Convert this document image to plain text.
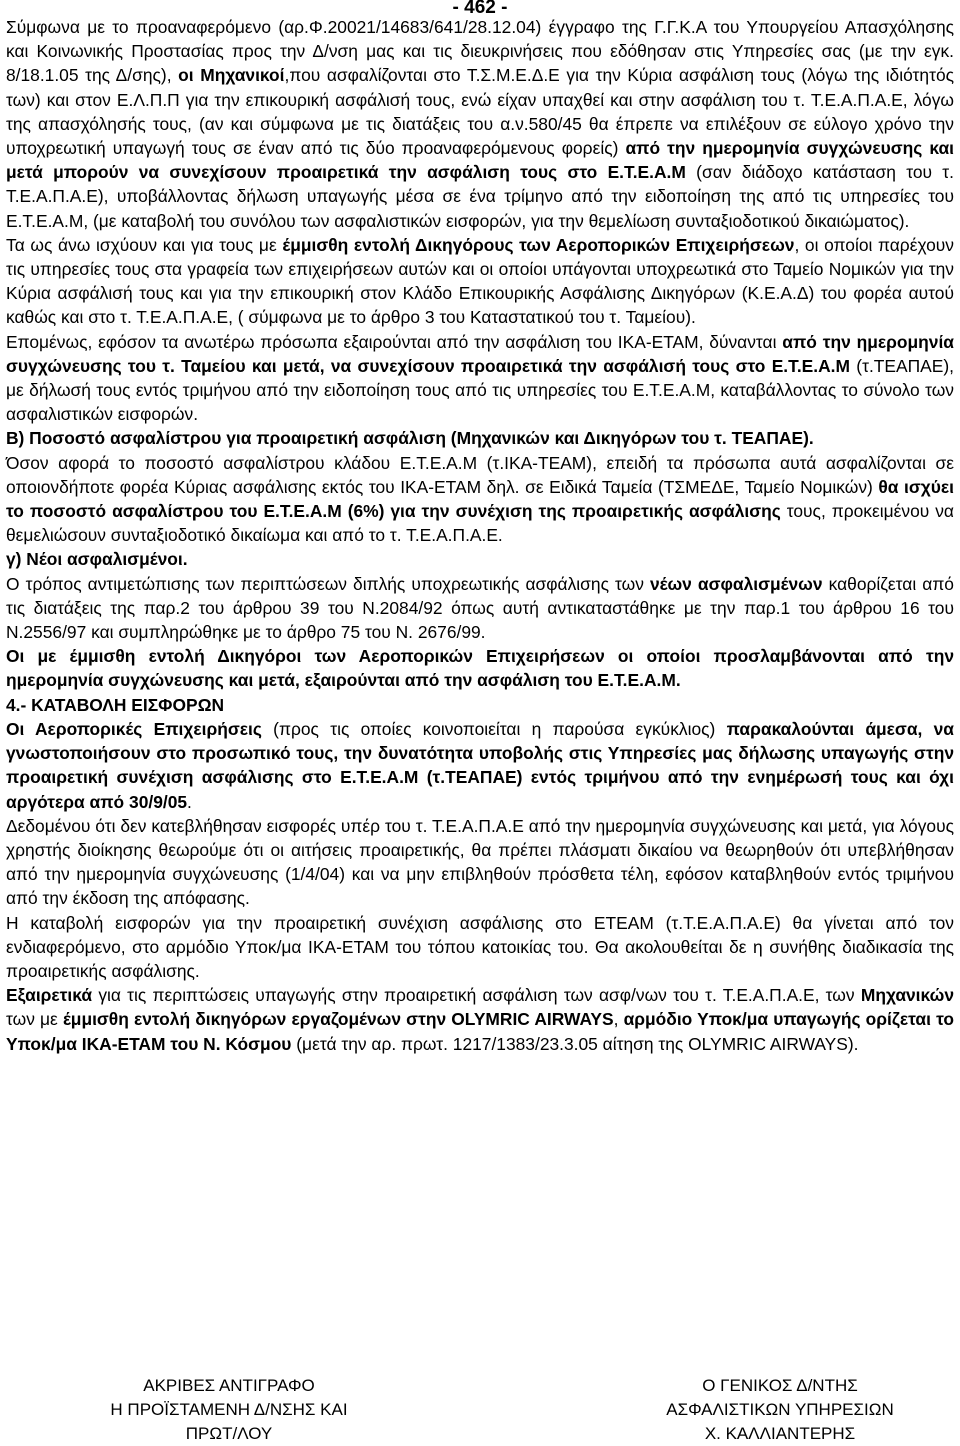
- 462 -

Σύμφωνα με το προαναφερόμενο (αρ.Φ.20021/14683/641/28.12.04) έγγραφο της Γ.Γ.Κ.Α του Υπουργείου Απασχόλησης και Κοινωνικής Προστασίας προς την Δ/νση μας και τις διευκρινήσεις που εδόθησαν στις Υπηρεσίες σας (με την εγκ. 8/18.1.05 της Δ/σης), οι Μηχανικοί,που ασφαλίζονται στο Τ.Σ.Μ.Ε.Δ.Ε για την Κύρια ασφάλιση τους (λόγω της ιδιότητός των) και στον Ε.Λ.Π.Π για την επικουρική ασφάλισή τους, ενώ είχαν υπαχθεί και στην ασφάλιση του τ. Τ.Ε.Α.Π.Α.Ε, λόγω της απασχόλησής τους, (αν και σύμφωνα με τις διατάξεις του α.ν.580/45 θα έπρεπε να επιλέξουν σε εύλογο χρόνο την υποχρεωτική υπαγωγή τους σε έναν από τις δύο προαναφερόμενους φορείς) από την ημερομηνία συγχώνευσης και μετά μπορούν να συνεχίσουν προαιρετικά την ασφάλιση τους στο Ε.Τ.Ε.Α.Μ (σαν διάδοχο κατάσταση του τ. Τ.Ε.Α.Π.Α.Ε), υποβάλλοντας δήλωση υπαγωγής μέσα σε ένα τρίμηνο από την ειδοποίηση της από τις υπηρεσίες του Ε.Τ.Ε.Α.Μ, (με καταβολή του συνόλου των ασφαλιστικών εισφορών, για την θεμελίωση συνταξιοδοτικού δικαιώματος).

Τα ως άνω ισχύουν και για τους με έμμισθη εντολή Δικηγόρους των Αεροπορικών Επιχειρήσεων, οι οποίοι παρέχουν τις υπηρεσίες τους στα γραφεία των επιχειρήσεων αυτών και οι οποίοι υπάγονται υποχρεωτικά στο Ταμείο Νομικών για την Κύρια ασφάλισή τους και για την επικουρική στον Κλάδο Επικουρικής Ασφάλισης Δικηγόρων (Κ.Ε.Α.Δ) του φορέα αυτού καθώς και στο τ. Τ.Ε.Α.Π.Α.Ε, ( σύμφωνα με το άρθρο 3 του Καταστατικού του τ. Ταμείου).

Επομένως, εφόσον τα ανωτέρω πρόσωπα εξαιρούνται από την ασφάλιση του ΙΚΑ-ΕΤΑΜ, δύνανται από την ημερομηνία συγχώνευσης του τ. Ταμείου και μετά, να συνεχίσουν προαιρετικά την ασφάλισή τους στο Ε.Τ.Ε.Α.Μ (τ.ΤΕΑΠΑΕ), με δήλωσή τους εντός τριμήνου από την ειδοποίηση τους από τις υπηρεσίες του Ε.Τ.Ε.Α.Μ, καταβάλλοντας το σύνολο των ασφαλιστικών εισφορών.

Β) Ποσοστό ασφαλίστρου για προαιρετική ασφάλιση (Μηχανικών και Δικηγόρων του τ. ΤΕΑΠΑΕ).

Όσον αφορά το ποσοστό ασφαλίστρου κλάδου Ε.Τ.Ε.Α.Μ (τ.ΙΚΑ-ΤΕΑΜ), επειδή τα πρόσωπα αυτά ασφαλίζονται σε οποιονδήποτε φορέα Κύριας ασφάλισης εκτός του ΙΚΑ-ΕΤΑΜ δηλ. σε Ειδικά Ταμεία (ΤΣΜΕΔΕ, Ταμείο Νομικών) θα ισχύει το ποσοστό ασφαλίστρου του Ε.Τ.Ε.Α.Μ (6%) για την συνέχιση της προαιρετικής ασφάλισης τους, προκειμένου να θεμελιώσουν συνταξιοδοτικό δικαίωμα και από το τ. Τ.Ε.Α.Π.Α.Ε.

γ) Νέοι ασφαλισμένοι.

Ο τρόπος αντιμετώπισης των περιπτώσεων διπλής υποχρεωτικής ασφάλισης των νέων ασφαλισμένων καθορίζεται από τις διατάξεις της παρ.2 του άρθρου 39 του Ν.2084/92 όπως αυτή αντικαταστάθηκε με την παρ.1 του άρθρου 16 του Ν.2556/97 και συμπληρώθηκε με το άρθρο 75 του Ν. 2676/99.

Οι με έμμισθη εντολή Δικηγόροι των Αεροπορικών Επιχειρήσεων οι οποίοι προσλαμβάνονται από την ημερομηνία συγχώνευσης και μετά, εξαιρούνται από την ασφάλιση του Ε.Τ.Ε.Α.Μ.

4.- ΚΑΤΑΒΟΛΗ ΕΙΣΦΟΡΩΝ

Οι Αεροπορικές Επιχειρήσεις (προς τις οποίες κοινοποιείται η παρούσα εγκύκλιος) παρακαλούνται άμεσα, να γνωστοποιήσουν στο προσωπικό τους, την δυνατότητα υποβολής στις Υπηρεσίες μας δήλωσης υπαγωγής στην προαιρετική συνέχιση ασφάλισης στο Ε.Τ.Ε.Α.Μ (τ.ΤΕΑΠΑΕ) εντός τριμήνου από την ενημέρωσή τους και όχι αργότερα από 30/9/05.

Δεδομένου ότι δεν κατεβλήθησαν εισφορές υπέρ του τ. Τ.Ε.Α.Π.Α.Ε από την ημερομηνία συγχώνευσης και μετά, για λόγους χρηστής διοίκησης θεωρούμε ότι οι αιτήσεις προαιρετικής, θα πρέπει πλάσματι δικαίου να θεωρηθούν ότι υπεβλήθησαν από την ημερομηνία συγχώνευσης (1/4/04) και να μην επιβληθούν πρόσθετα τέλη, εφόσον καταβληθούν εντός τριμήνου από την έκδοση της απόφασης.

Η καταβολή εισφορών για την προαιρετική συνέχιση ασφάλισης στο ΕΤΕΑΜ (τ.Τ.Ε.Α.Π.Α.Ε) θα γίνεται από τον ενδιαφερόμενο, στο αρμόδιο Υποκ/μα ΙΚΑ-ΕΤΑΜ του τόπου κατοικίας του. Θα ακολουθείται δε η συνήθης διαδικασία της προαιρετικής ασφάλισης.

Εξαιρετικά για τις περιπτώσεις υπαγωγής στην προαιρετική ασφάλιση των ασφ/νων του τ. Τ.Ε.Α.Π.Α.Ε, των Μηχανικών των με έμμισθη εντολή δικηγόρων εργαζομένων στην OLYMRIC AIRWAYS, αρμόδιο Υποκ/μα υπαγωγής ορίζεται το Υποκ/μα ΙΚΑ-ΕΤΑΜ του Ν. Κόσμου (μετά την αρ. πρωτ. 1217/1383/23.3.05 αίτηση της OLYMRIC AIRWAYS).

ΑΚΡΙΒΕΣ ΑΝΤΙΓΡΑΦΟ
Η ΠΡΟΪΣΤΑΜΕΝΗ Δ/ΝΣΗΣ ΚΑΙ
ΠΡΩΤ/ΛΟΥ
Ο ΓΕΝΙΚΟΣ Δ/ΝΤΗΣ
ΑΣΦΑΛΙΣΤΙΚΩΝ ΥΠΗΡΕΣΙΩΝ
Χ. ΚΑΛΛΙΑΝΤΕΡΗΣ
